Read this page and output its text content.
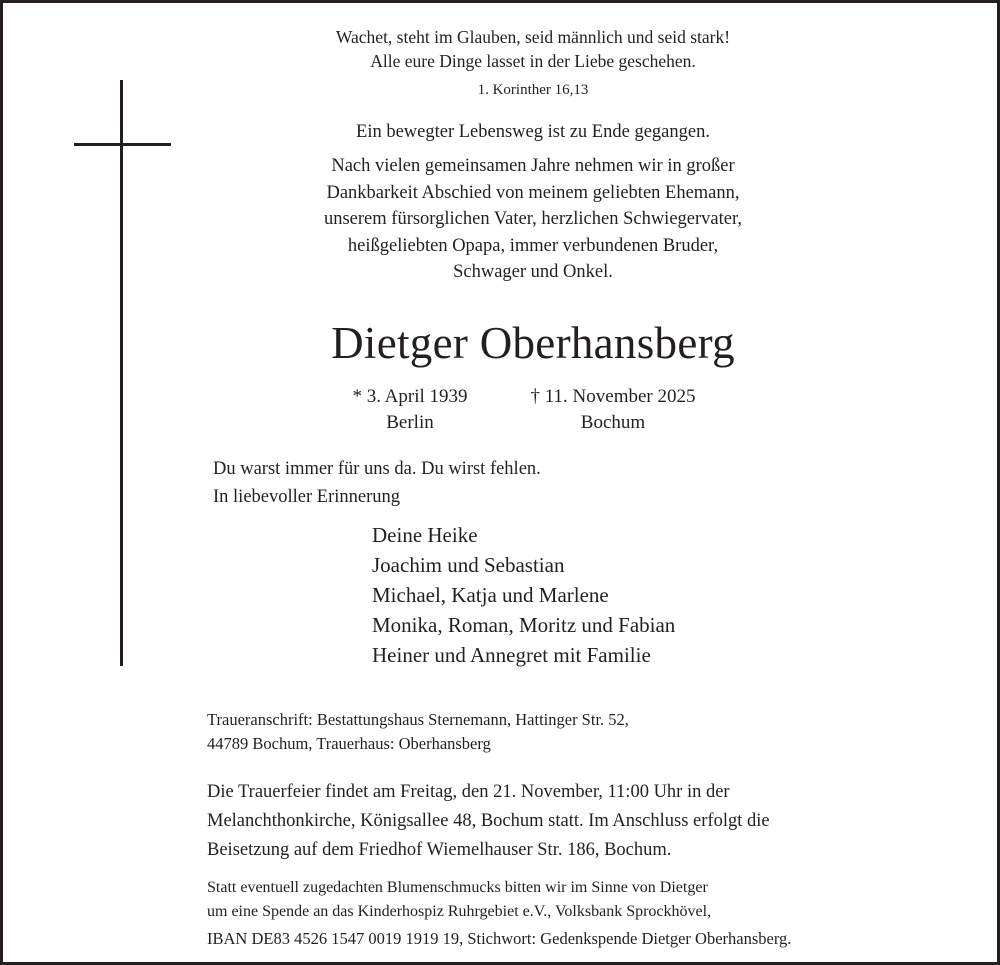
Wachet, steht im Glauben, seid männlich und seid stark!
Alle eure Dinge lasset in der Liebe geschehen.
1. Korinther 16,13
Ein bewegter Lebensweg ist zu Ende gegangen.
Nach vielen gemeinsamen Jahre nehmen wir in großer
Dankbarkeit Abschied von meinem geliebten Ehemann,
unserem fürsorglichen Vater, herzlichen Schwiegervater,
heißgeliebten Opapa, immer verbundenen Bruder,
Schwager und Onkel.
Dietger Oberhansberg
* 3. April 1939
Berlin
† 11. November 2025
Bochum
Du warst immer für uns da. Du wirst fehlen.
In liebevoller Erinnerung
Deine Heike
Joachim und Sebastian
Michael, Katja und Marlene
Monika, Roman, Moritz und Fabian
Heiner und Annegret mit Familie
Traueranschrift: Bestattungshaus Sternemann, Hattinger Str. 52,
44789 Bochum, Trauerhaus: Oberhansberg
Die Trauerfeier findet am Freitag, den 21. November, 11:00 Uhr in der
Melanchthonkirche, Königsallee 48, Bochum statt. Im Anschluss erfolgt die
Beisetzung auf dem Friedhof Wiemelhauser Str. 186, Bochum.
Statt eventuell zugedachten Blumenschmucks bitten wir im Sinne von Dietger
um eine Spende an das Kinderhospiz Ruhrgebiet e.V., Volksbank Sprockhövel,
IBAN DE83 4526 1547 0019 1919 19, Stichwort: Gedenkspende Dietger Oberhansberg.
